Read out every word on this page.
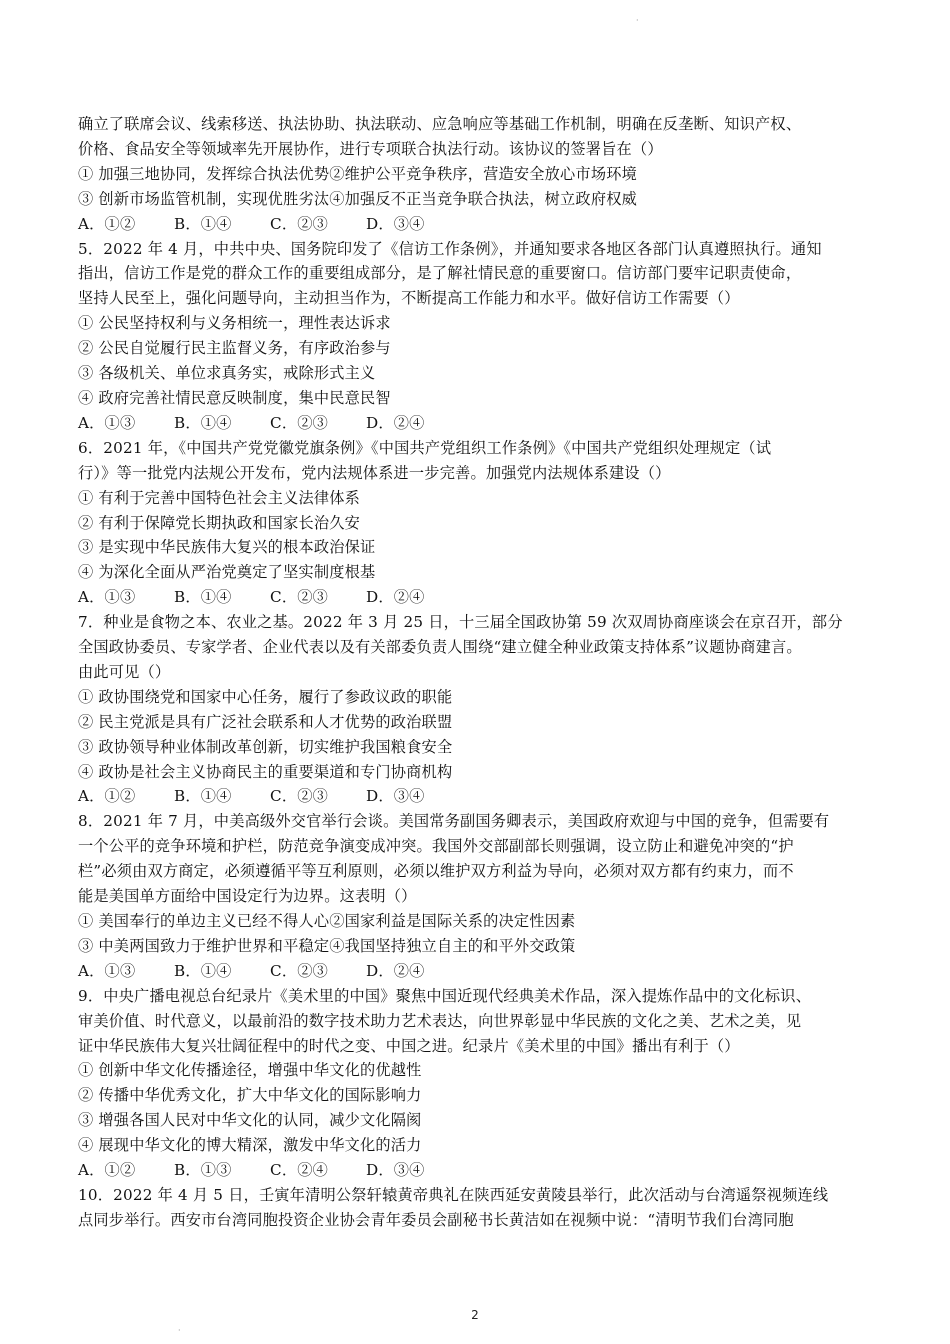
·
确立了联席会议、线索移送、执法协助、执法联动、应急响应等基础工作机制，明确在反垄断、知识产权、
价格、食品安全等领域率先开展协作，进行专项联合执法行动。该协议的签署旨在（）
① 加强三地协同，发挥综合执法优势②维护公平竞争秩序，营造安全放心市场环境
③ 创新市场监管机制，实现优胜劣汰④加强反不正当竞争联合执法，树立政府权威
A．①②	B．①④	C．②③	D．③④
5．2022 年 4 月，中共中央、国务院印发了《信访工作条例》，并通知要求各地区各部门认真遵照执行。通知
指出，信访工作是党的群众工作的重要组成部分，是了解社情民意的重要窗口。信访部门要牢记职责使命，
坚持人民至上，强化问题导向，主动担当作为，不断提高工作能力和水平。做好信访工作需要（）
① 公民坚持权利与义务相统一，理性表达诉求
② 公民自觉履行民主监督义务，有序政治参与
③ 各级机关、单位求真务实，戒除形式主义
④ 政府完善社情民意反映制度，集中民意民智
A．①③	B．①④	C．②③	D．②④
6．2021 年，《中国共产党党徽党旗条例》《中国共产党组织工作条例》《中国共产党组织处理规定（试
行）》等一批党内法规公开发布，党内法规体系进一步完善。加强党内法规体系建设（）
① 有利于完善中国特色社会主义法律体系
② 有利于保障党长期执政和国家长治久安
③ 是实现中华民族伟大复兴的根本政治保证
④ 为深化全面从严治党奠定了坚实制度根基
A．①③	B．①④	C．②③	D．②④
7．种业是食物之本、农业之基。2022 年 3 月 25 日，十三届全国政协第 59 次双周协商座谈会在京召开，部分
全国政协委员、专家学者、企业代表以及有关部委负责人围绕“建立健全种业政策支持体系”议题协商建言。
由此可见（）
① 政协围绕党和国家中心任务，履行了参政议政的职能
② 民主党派是具有广泛社会联系和人才优势的政治联盟
③ 政协领导种业体制改革创新，切实维护我国粮食安全
④ 政协是社会主义协商民主的重要渠道和专门协商机构
A．①②	B．①④	C．②③	D．③④
8．2021 年 7 月，中美高级外交官举行会谈。美国常务副国务卿表示，美国政府欢迎与中国的竞争，但需要有
一个公平的竞争环境和护栏，防范竞争演变成冲突。我国外交部副部长则强调，设立防止和避免冲突的“护
栏”必须由双方商定，必须遵循平等互利原则，必须以维护双方利益为导向，必须对双方都有约束力，而不
能是美国单方面给中国设定行为边界。这表明（）
① 美国奉行的单边主义已经不得人心②国家利益是国际关系的决定性因素
③ 中美两国致力于维护世界和平稳定④我国坚持独立自主的和平外交政策
A．①③	B．①④	C．②③	D．②④
9．中央广播电视总台纪录片《美术里的中国》聚焦中国近现代经典美术作品，深入提炼作品中的文化标识、
审美价值、时代意义，以最前沿的数字技术助力艺术表达，向世界彰显中华民族的文化之美、艺术之美，见
证中华民族伟大复兴壮阔征程中的时代之变、中国之进。纪录片《美术里的中国》播出有利于（）
① 创新中华文化传播途径，增强中华文化的优越性
② 传播中华优秀文化，扩大中华文化的国际影响力
③ 增强各国人民对中华文化的认同，减少文化隔阂
④ 展现中华文化的博大精深，激发中华文化的活力
A．①②	B．①③	C．②④	D．③④
10．2022 年 4 月 5 日，壬寅年清明公祭轩辕黄帝典礼在陕西延安黄陵县举行，此次活动与台湾遥祭视频连线
点同步举行。西安市台湾同胞投资企业协会青年委员会副秘书长黄洁如在视频中说：“清明节我们台湾同胞
·
2
